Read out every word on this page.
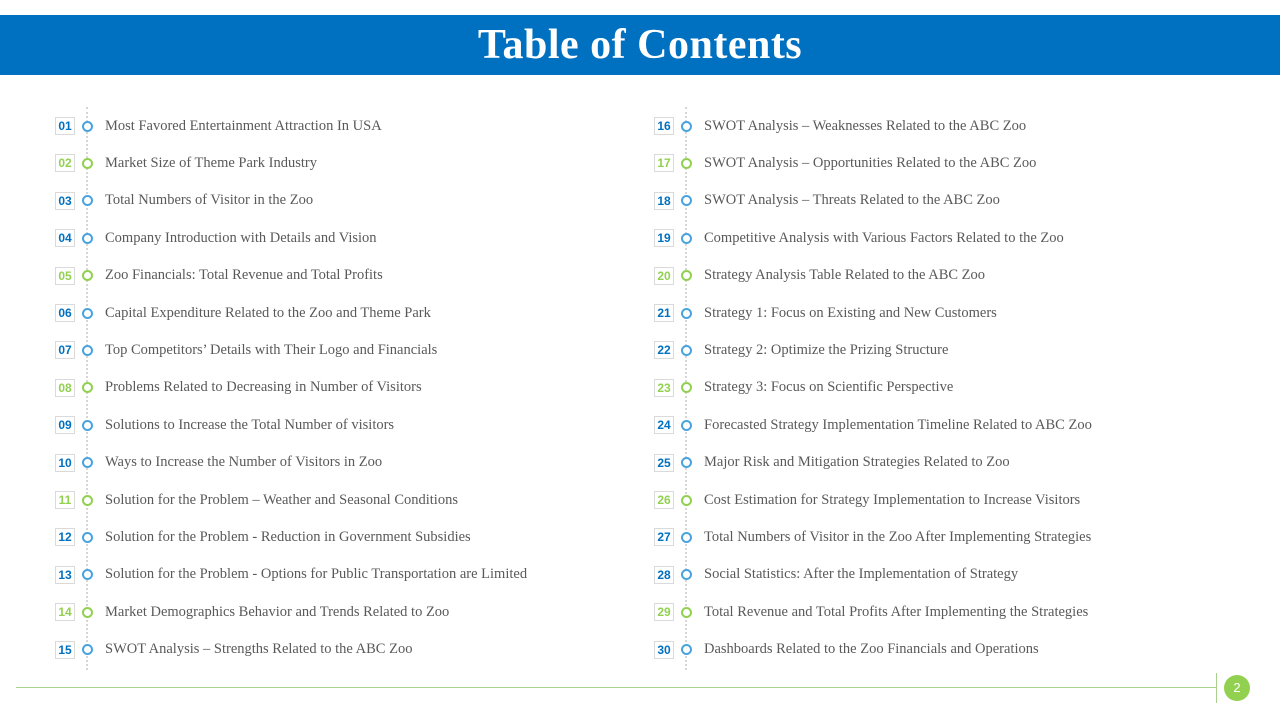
Table of Contents
01 Most Favored Entertainment Attraction In USA
02 Market Size of Theme Park Industry
03 Total Numbers of Visitor in the Zoo
04 Company Introduction with Details and Vision
05 Zoo Financials: Total Revenue and Total Profits
06 Capital Expenditure Related to the Zoo and Theme Park
07 Top Competitors’ Details with Their Logo and Financials
08 Problems Related to Decreasing in Number of Visitors
09 Solutions to Increase the Total Number of visitors
10 Ways to Increase the Number of Visitors in Zoo
11 Solution for the Problem – Weather and Seasonal Conditions
12 Solution for the Problem - Reduction in Government Subsidies
13 Solution for the Problem - Options for Public Transportation are Limited
14 Market Demographics Behavior and Trends Related to Zoo
15 SWOT Analysis – Strengths Related to the ABC Zoo
16 SWOT Analysis – Weaknesses Related to the ABC Zoo
17 SWOT Analysis – Opportunities Related to the ABC Zoo
18 SWOT Analysis – Threats Related to the ABC Zoo
19 Competitive Analysis with Various Factors Related to the Zoo
20 Strategy Analysis Table Related to the ABC Zoo
21 Strategy 1: Focus on Existing and New Customers
22 Strategy 2: Optimize the Prizing Structure
23 Strategy 3: Focus on Scientific Perspective
24 Forecasted Strategy Implementation Timeline Related to ABC Zoo
25 Major Risk and Mitigation Strategies Related to Zoo
26 Cost Estimation for Strategy Implementation to Increase Visitors
27 Total Numbers of Visitor in the Zoo After Implementing Strategies
28 Social Statistics: After the Implementation of Strategy
29 Total Revenue and Total Profits After Implementing the Strategies
30 Dashboards Related to the Zoo Financials and Operations
2
